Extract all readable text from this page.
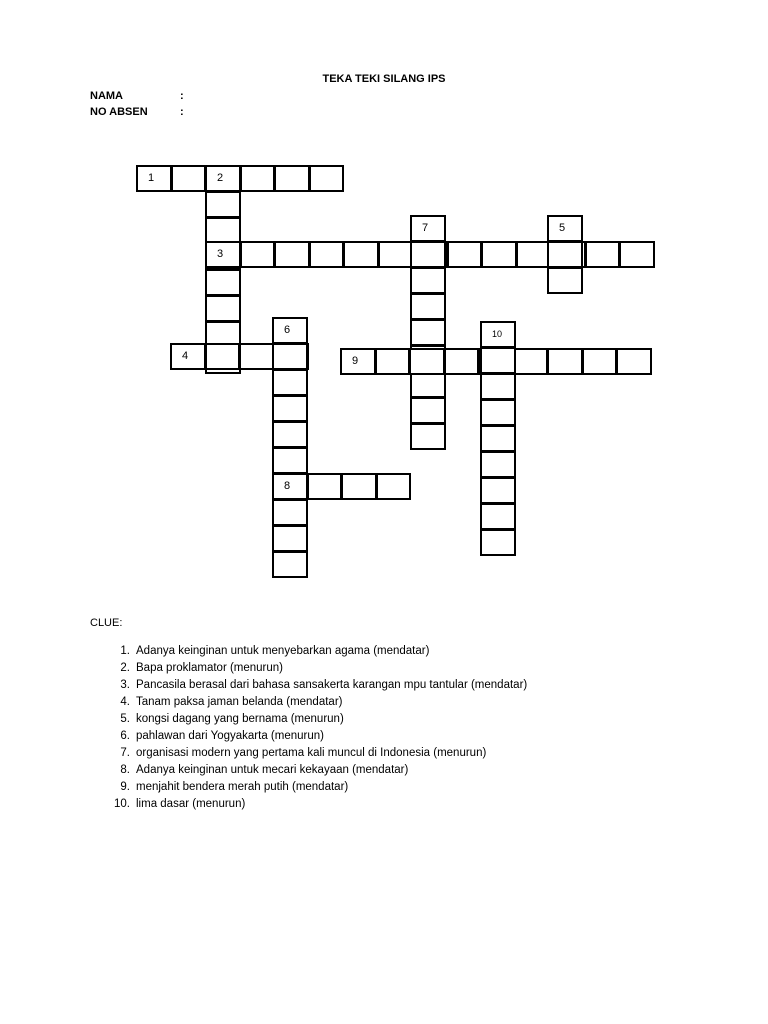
TEKA TEKI SILANG IPS
NAMA	:
NO ABSEN	:
1	2
3
4
5
6
8
7
9
10
CLUE:
1. Adanya keinginan untuk menyebarkan agama (mendatar)
2. Bapa proklamator (menurun)
3. Pancasila berasal dari bahasa sansakerta karangan mpu tantular (mendatar)
4. Tanam paksa jaman belanda (mendatar)
5. kongsi dagang yang bernama (menurun)
6. pahlawan dari Yogyakarta (menurun)
7. organisasi modern yang pertama kali muncul di Indonesia (menurun)
8. Adanya keinginan untuk mecari kekayaan (mendatar)
9. menjahit bendera merah putih (mendatar)
10. lima dasar (menurun)
